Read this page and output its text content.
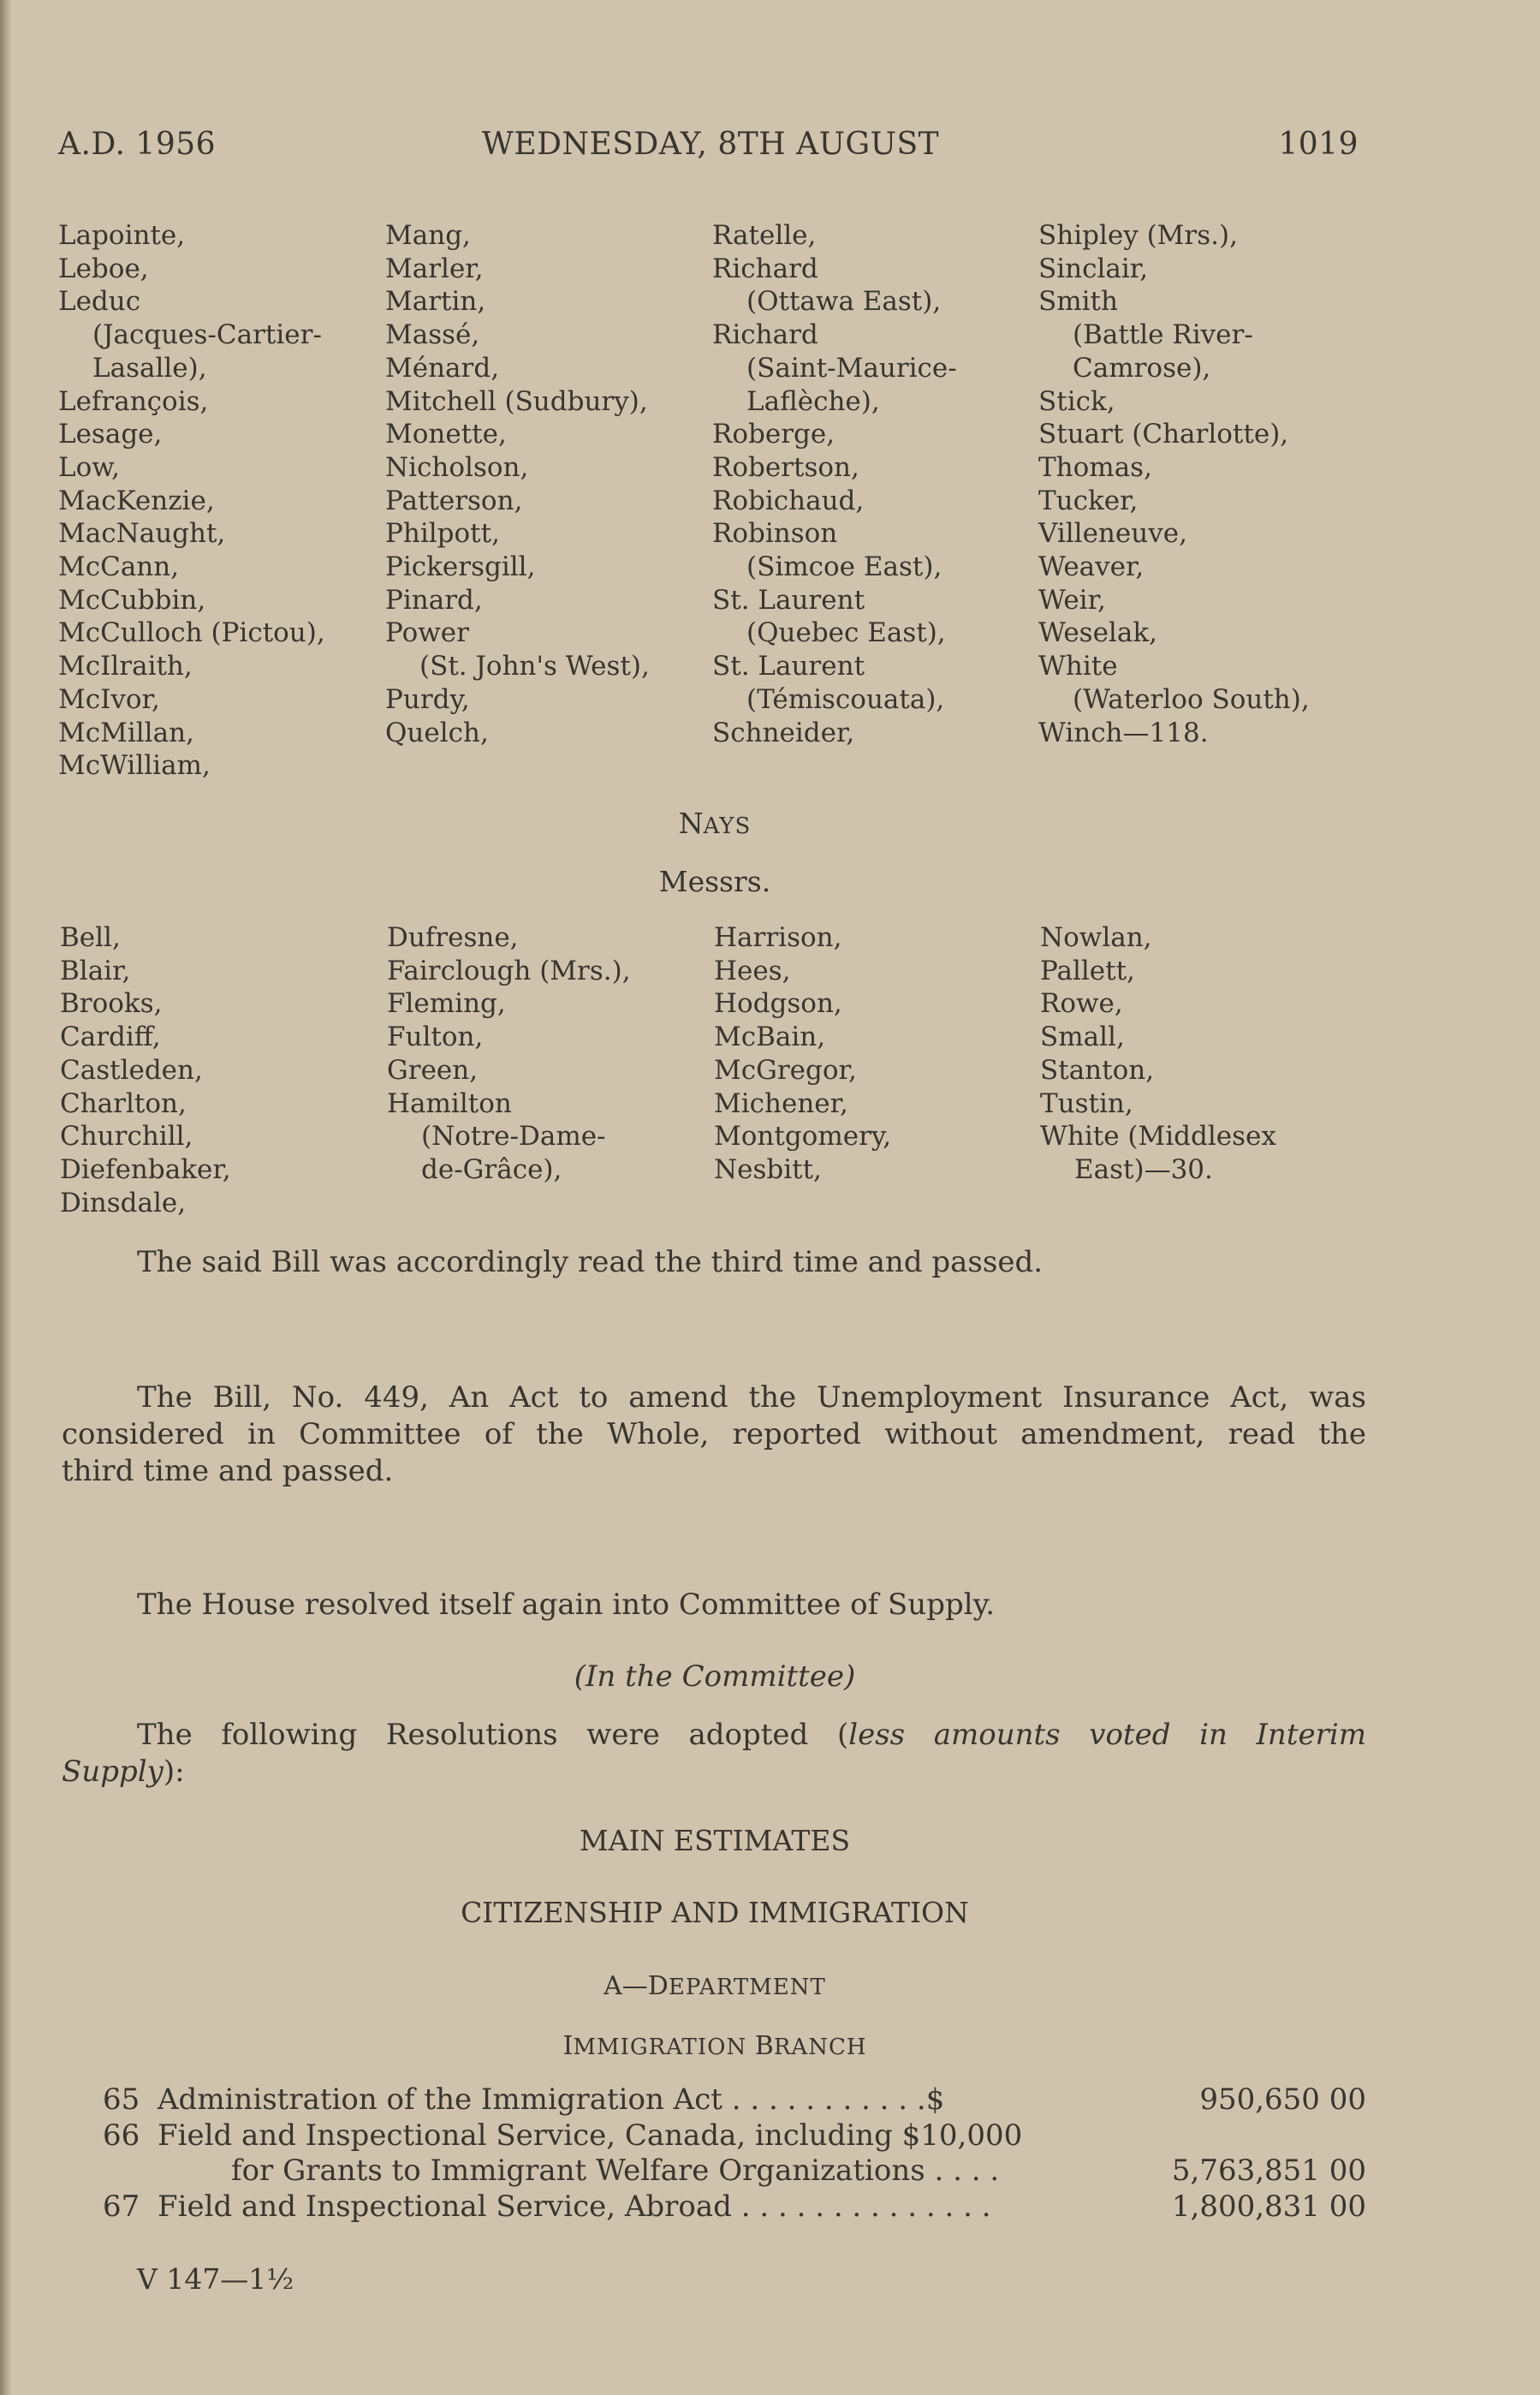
A.D. 1956	WEDNESDAY, 8TH AUGUST	1019
Lapointe,
Leboe,
Leduc
(Jacques-Cartier-
Lasalle),
Lefrançois,
Lesage,
Low,
MacKenzie,
MacNaught,
McCann,
McCubbin,
McCulloch (Pictou),
McIlraith,
McIvor,
McMillan,
McWilliam,
Mang,
Marler,
Martin,
Massé,
Ménard,
Mitchell (Sudbury),
Monette,
Nicholson,
Patterson,
Philpott,
Pickersgill,
Pinard,
Power
(St. John's West),
Purdy,
Quelch,
Ratelle,
Richard
(Ottawa East),
Richard
(Saint-Maurice-
Laflèche),
Roberge,
Robertson,
Robichaud,
Robinson
(Simcoe East),
St. Laurent
(Quebec East),
St. Laurent
(Témiscouata),
Schneider,
Shipley (Mrs.),
Sinclair,
Smith
(Battle River-
Camrose),
Stick,
Stuart (Charlotte),
Thomas,
Tucker,
Villeneuve,
Weaver,
Weir,
Weselak,
White
(Waterloo South),
Winch—118.
NAYS
Messrs.
Bell,
Blair,
Brooks,
Cardiff,
Castleden,
Charlton,
Churchill,
Diefenbaker,
Dinsdale,
Dufresne,
Fairclough (Mrs.),
Fleming,
Fulton,
Green,
Hamilton
(Notre-Dame-
de-Grâce),
Harrison,
Hees,
Hodgson,
McBain,
McGregor,
Michener,
Montgomery,
Nesbitt,
Nowlan,
Pallett,
Rowe,
Small,
Stanton,
Tustin,
White (Middlesex
East)—30.
The said Bill was accordingly read the third time and passed.
The Bill, No. 449, An Act to amend the Unemployment Insurance Act, was
considered in Committee of the Whole, reported without amendment, read the
third time and passed.
The House resolved itself again into Committee of Supply.
(In the Committee)
The following Resolutions were adopted (less amounts voted in Interim
Supply):
MAIN ESTIMATES
CITIZENSHIP AND IMMIGRATION
A—DEPARTMENT
IMMIGRATION BRANCH
65 Administration of the Immigration Act . . . . . . . . . . .$	950,650 00
66 Field and Inspectional Service, Canada, including $10,000
for Grants to Immigrant Welfare Organizations . . . .	5,763,851 00
67 Field and Inspectional Service, Abroad . . . . . . . . . . . . . .	1,800,831 00
V 147—1½
